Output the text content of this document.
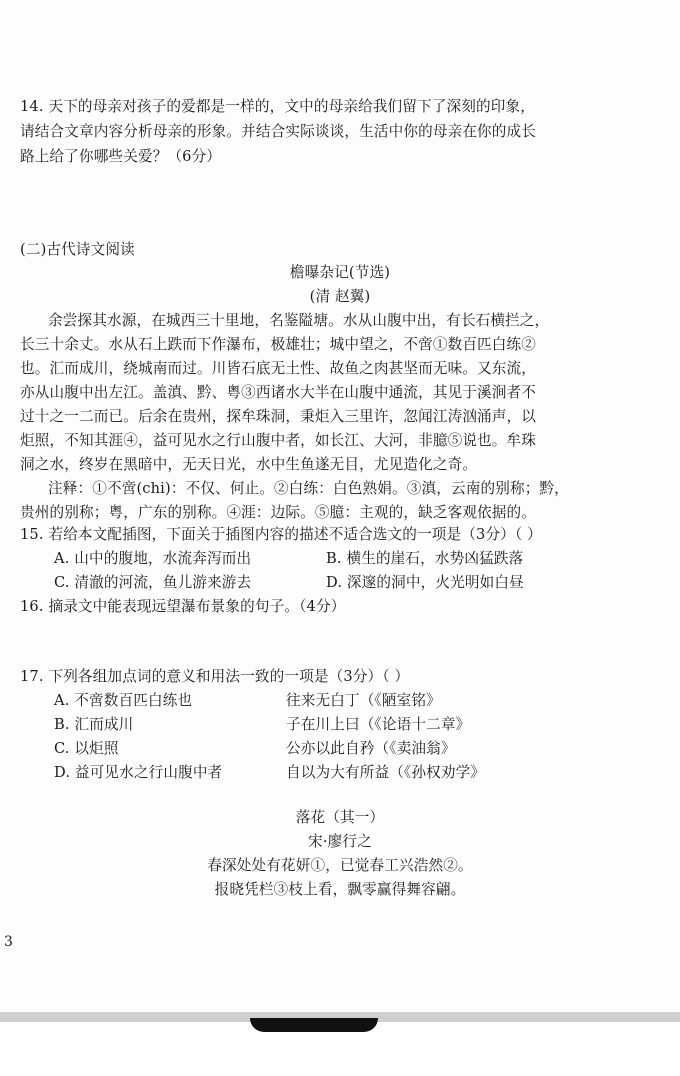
14. 天下的母亲对孩子的爱都是一样的，文中的母亲给我们留下了深刻的印象，
请结合文章内容分析母亲的形象。并结合实际谈谈，生活中你的母亲在你的成长
路上给了你哪些关爱？（6分）
(二)古代诗文阅读
檐曝杂记(节选)
(清 赵翼)
余尝探其水源，在城西三十里地，名鉴隘塘。水从山腹中出，有长石横拦之，
长三十余丈。水从石上跌而下作瀑布，极雄壮；城中望之，不啻①数百匹白练②
也。汇而成川，绕城南而过。川皆石底无土性、故鱼之肉甚坚而无味。又东流，
亦从山腹中出左江。盖滇、黔、粤③西诸水大半在山腹中通流，其见于溪涧者不
过十之一二而已。后余在贵州，探牟珠洞，秉炬入三里许，忽闻江涛汹涌声，以
炬照，不知其涯④，益可见水之行山腹中者，如长江、大河，非臆⑤说也。牟珠
洞之水，终岁在黑暗中，无天日光，水中生鱼遂无目，尤见造化之奇。
注释：①不啻(chi)：不仅、何止。②白练：白色熟娟。③滇，云南的别称；黔，
贵州的别称；粤，广东的别称。④涯：边际。⑤臆：主观的，缺乏客观依据的。
15. 若给本文配插图，下面关于插图内容的描述不适合选文的一项是（3分）（ ）
A. 山中的腹地，水流奔泻而出	B. 横生的崖石，水势凶猛跌落
C. 清澈的河流，鱼儿游来游去	D. 深邃的洞中，火光明如白昼
16. 摘录文中能表现远望瀑布景象的句子。（4分）
17. 下列各组加点词的意义和用法一致的一项是（3分）（ ）
A. 不啻数百匹白练也	往来无白丁（《陋室铭》
B. 汇而成川	子在川上曰（《论语十二章》
C. 以炬照	公亦以此自矜（《卖油翁》
D. 益可见水之行山腹中者	自以为大有所益（《孙权劝学》
落花（其一）
宋·廖行之
春深处处有花妍①，已觉春工兴浩然②。
报晓凭栏③枝上看，飘零赢得舞容翩。
3
